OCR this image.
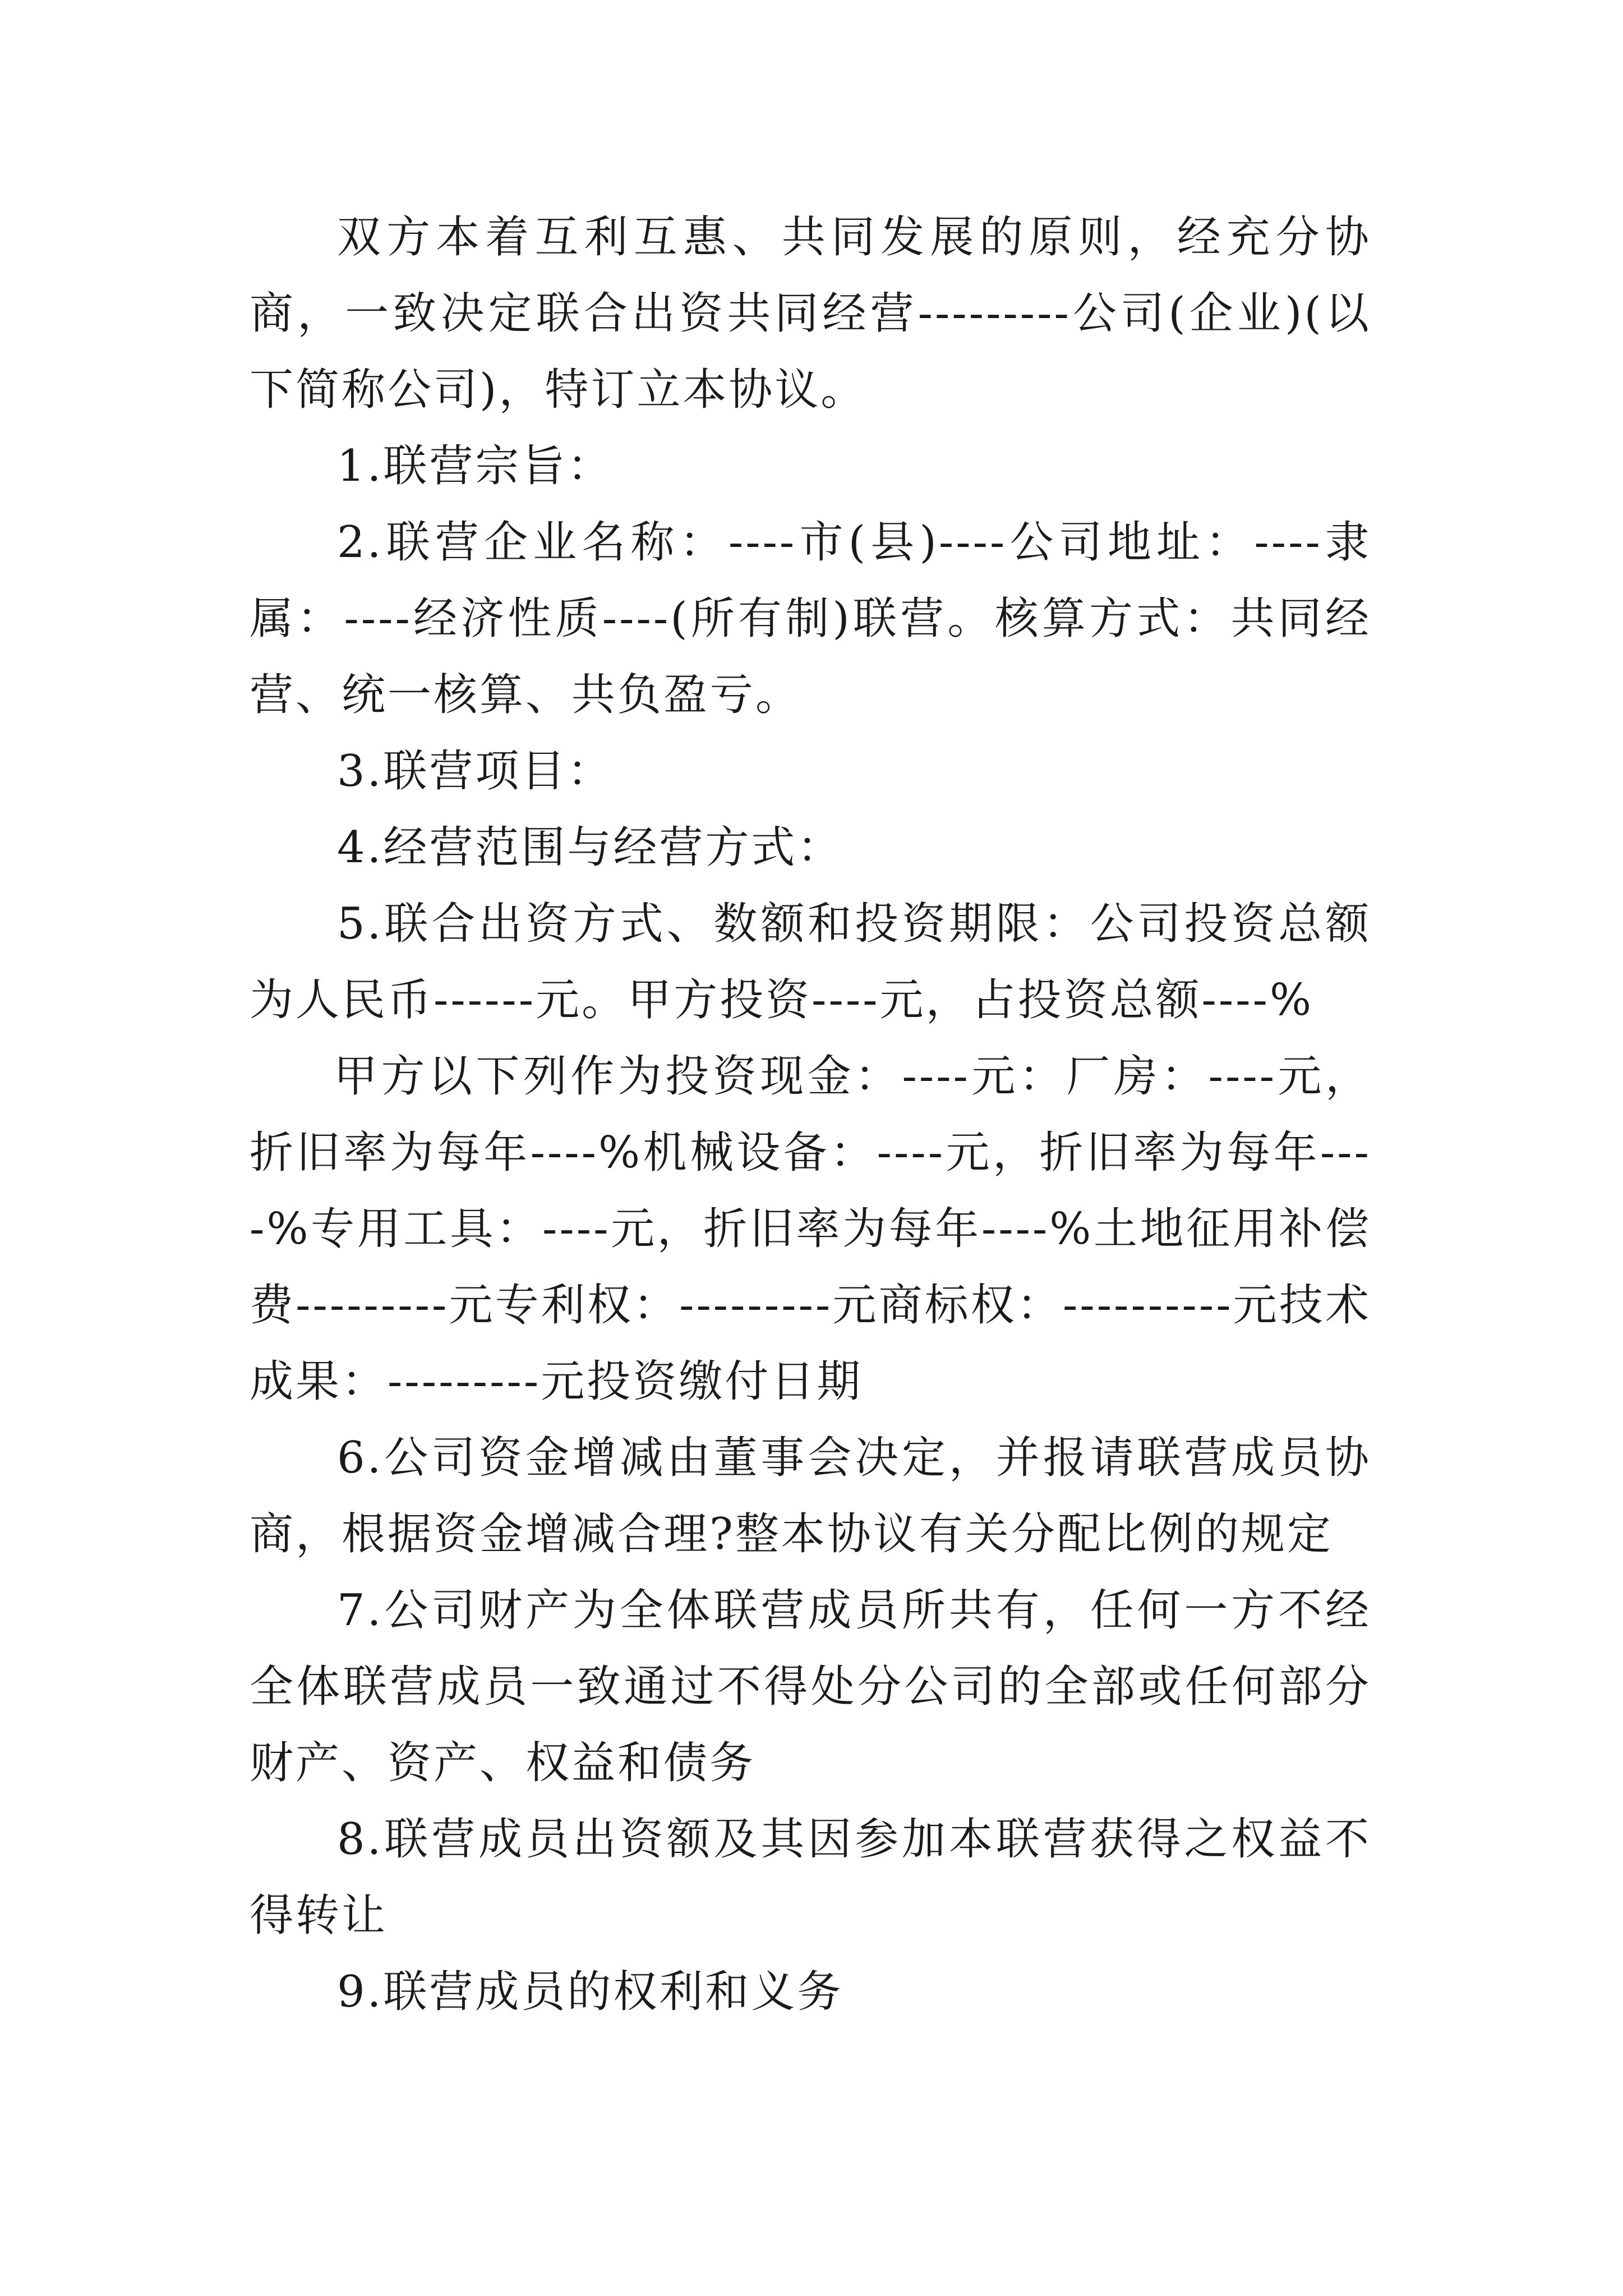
双方本着互利互惠、共同发展的原则，经充分协商，一致决定联合出资共同经营---------公司(企业)(以下简称公司)，特订立本协议。

1.联营宗旨：

2.联营企业名称：----市(县)----公司地址：----隶属：----经济性质----(所有制)联营。核算方式：共同经营、统一核算、共负盈亏。

3.联营项目：

4.经营范围与经营方式：

5.联合出资方式、数额和投资期限：公司投资总额为人民币------元。甲方投资----元，占投资总额----%

甲方以下列作为投资现金：----元：厂房：----元，折旧率为每年----%机械设备：----元，折旧率为每年----%专用工具：----元，折旧率为每年----%土地征用补偿费---------元专利权：---------元商标权：----------元技术成果：---------元投资缴付日期

6.公司资金增减由董事会决定，并报请联营成员协商，根据资金增减合理?整本协议有关分配比例的规定

7.公司财产为全体联营成员所共有，任何一方不经全体联营成员一致通过不得处分公司的全部或任何部分财产、资产、权益和债务

8.联营成员出资额及其因参加本联营获得之权益不得转让

9.联营成员的权利和义务
